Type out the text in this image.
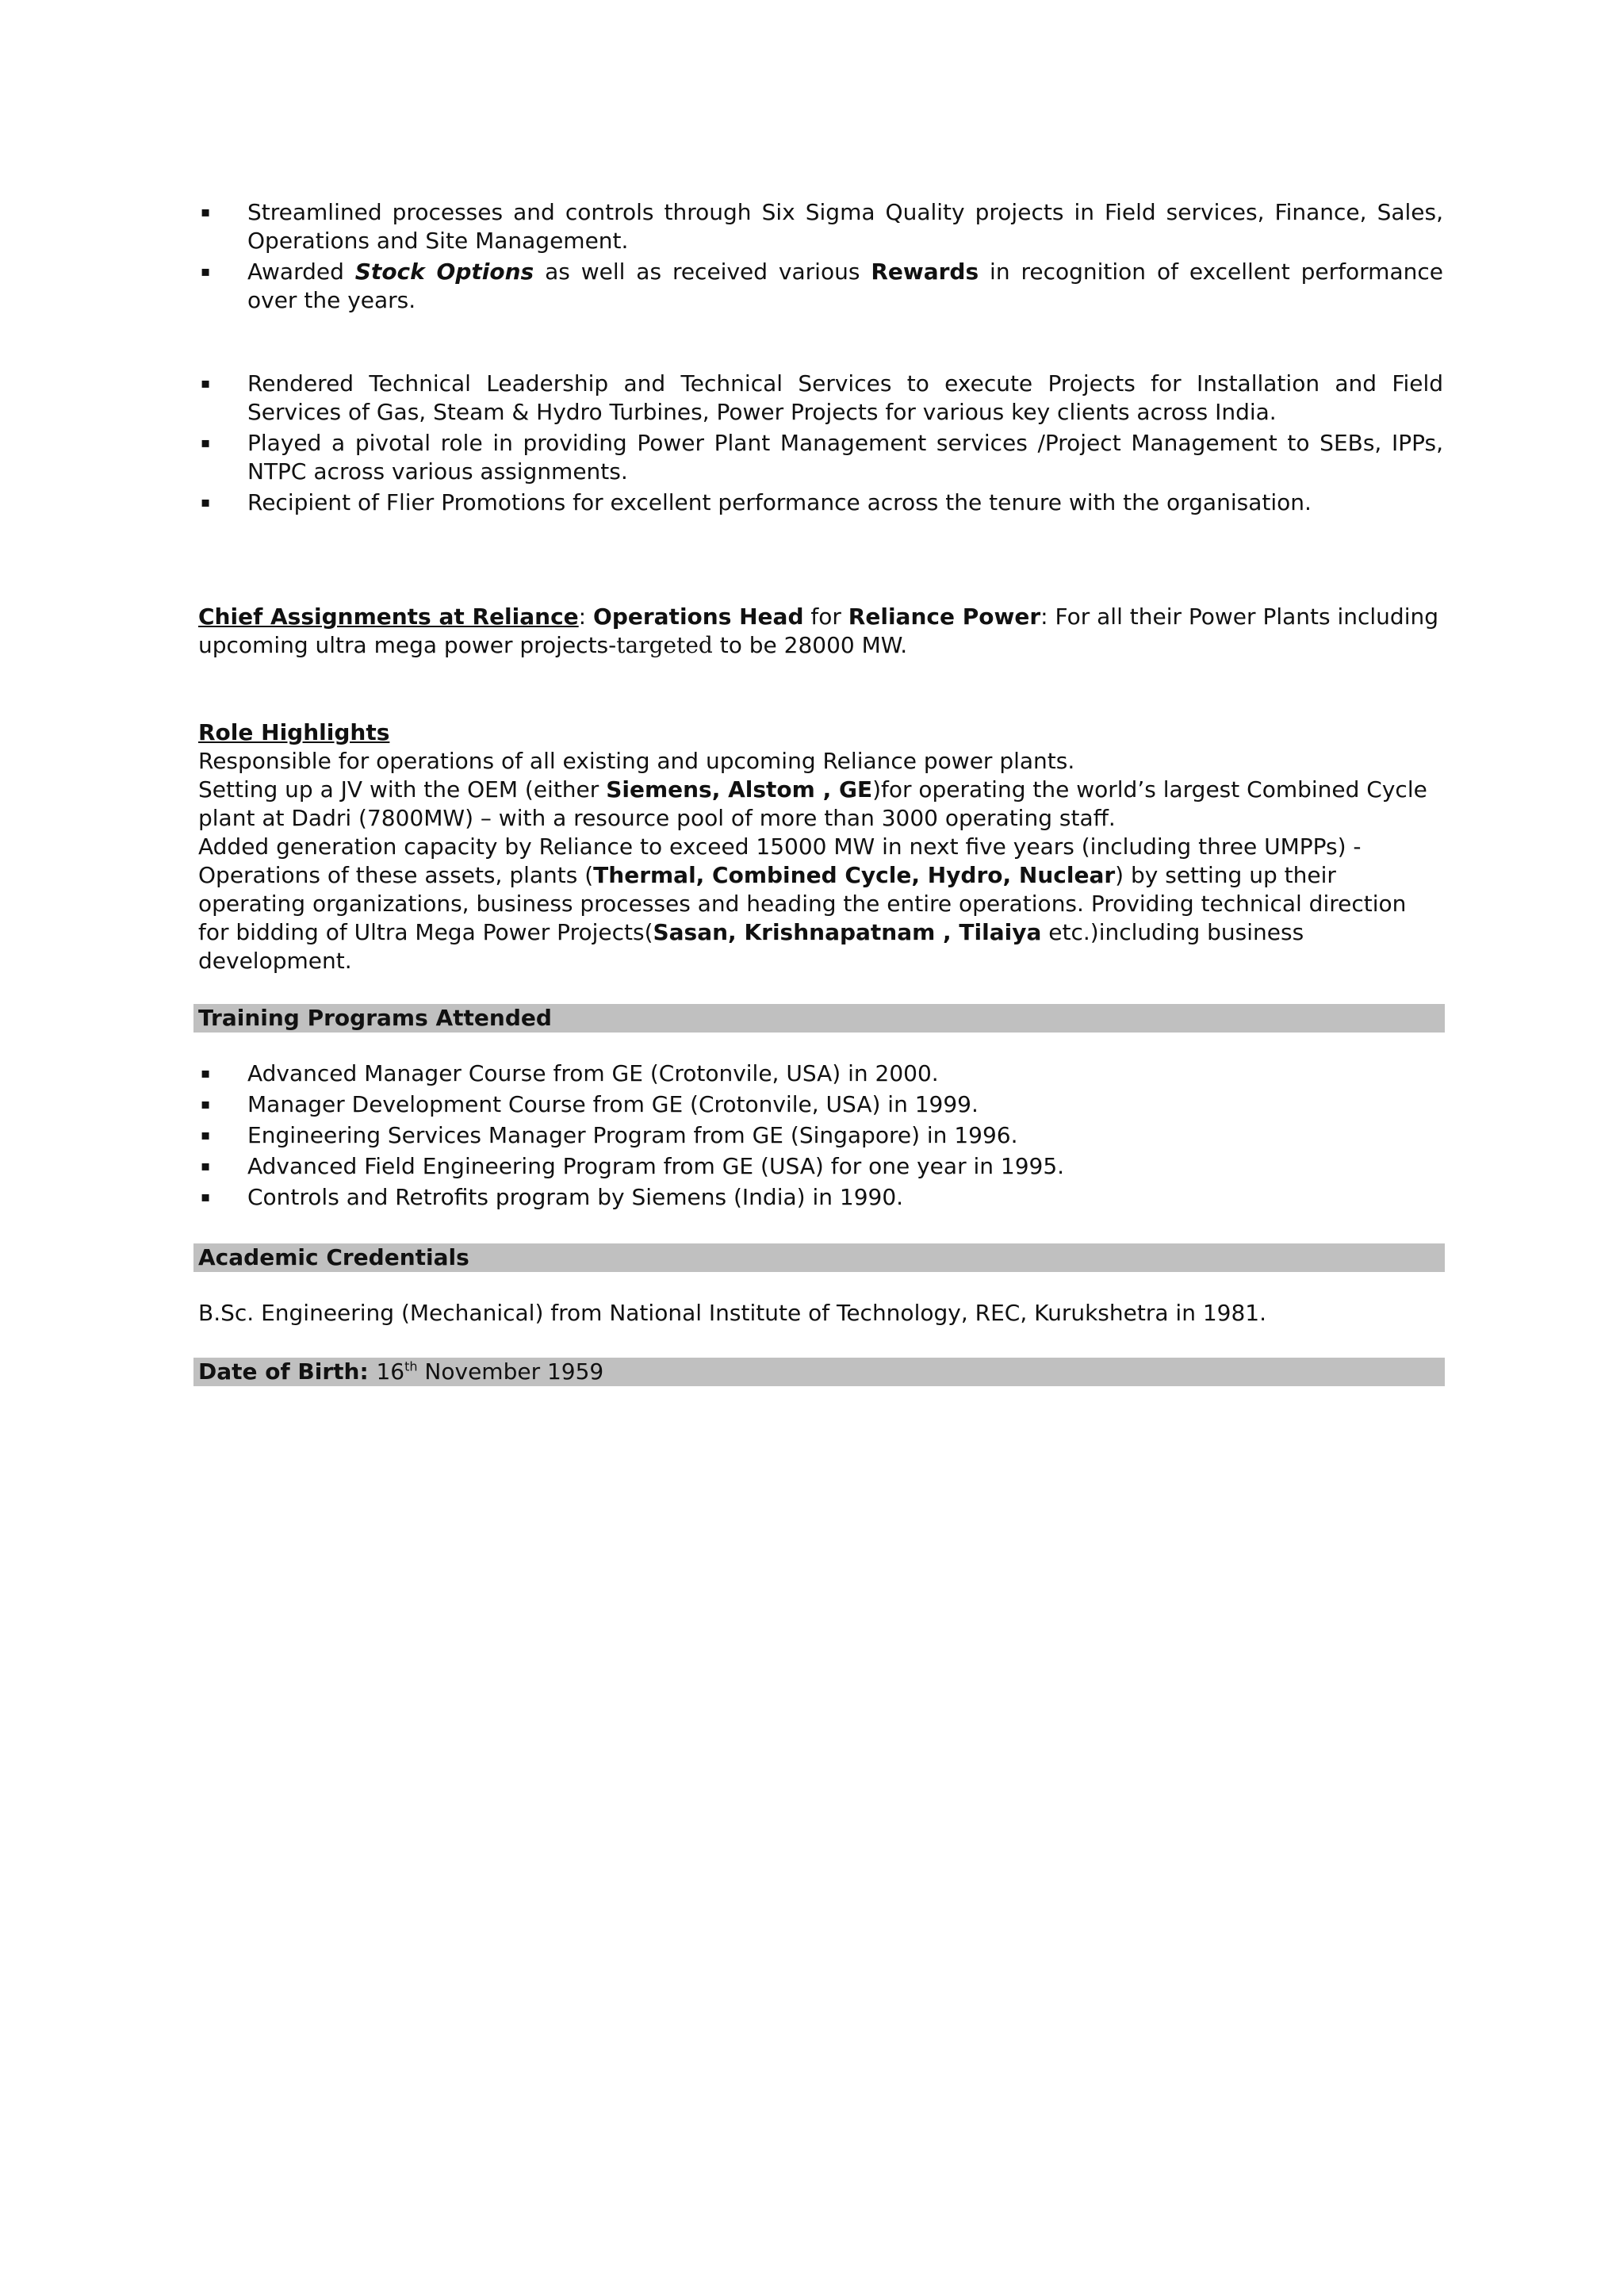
▪ Streamlined processes and controls through Six Sigma Quality projects in Field services, Finance, Sales, Operations and Site Management.
▪ Awarded Stock Options as well as received various Rewards in recognition of excellent performance over the years.
▪ Rendered Technical Leadership and Technical Services to execute Projects for Installation and Field Services of Gas, Steam & Hydro Turbines, Power Projects for various key clients across India.
▪ Played a pivotal role in providing Power Plant Management services /Project Management to SEBs, IPPs, NTPC across various assignments.
▪ Recipient of Flier Promotions for excellent performance across the tenure with the organisation.

Chief Assignments at Reliance: Operations Head for Reliance Power: For all their Power Plants including upcoming ultra mega power projects-targeted to be 28000 MW.

Role Highlights

Responsible for operations of all existing and upcoming Reliance power plants.

Setting up a JV with the OEM (either Siemens, Alstom , GE)for operating the world’s largest Combined Cycle plant at Dadri (7800MW) – with a resource pool of more than 3000 operating staff.

Added generation capacity by Reliance to exceed 15000 MW in next five years (including three UMPPs) - Operations of these assets, plants (Thermal, Combined Cycle, Hydro, Nuclear) by setting up their operating organizations, business processes and heading the entire operations. Providing technical direction for bidding of Ultra Mega Power Projects(Sasan, Krishnapatnam , Tilaiya etc.)including business development.

Training Programs Attended
▪ Advanced Manager Course from GE (Crotonvile, USA) in 2000.
▪ Manager Development Course from GE (Crotonvile, USA) in 1999.
▪ Engineering Services Manager Program from GE (Singapore) in 1996.
▪ Advanced Field Engineering Program from GE (USA) for one year in 1995.
▪ Controls and Retrofits program by Siemens (India) in 1990.
Academic Credentials

B.Sc. Engineering (Mechanical) from National Institute of Technology, REC, Kurukshetra in 1981.

Date of Birth: 16th November 1959
